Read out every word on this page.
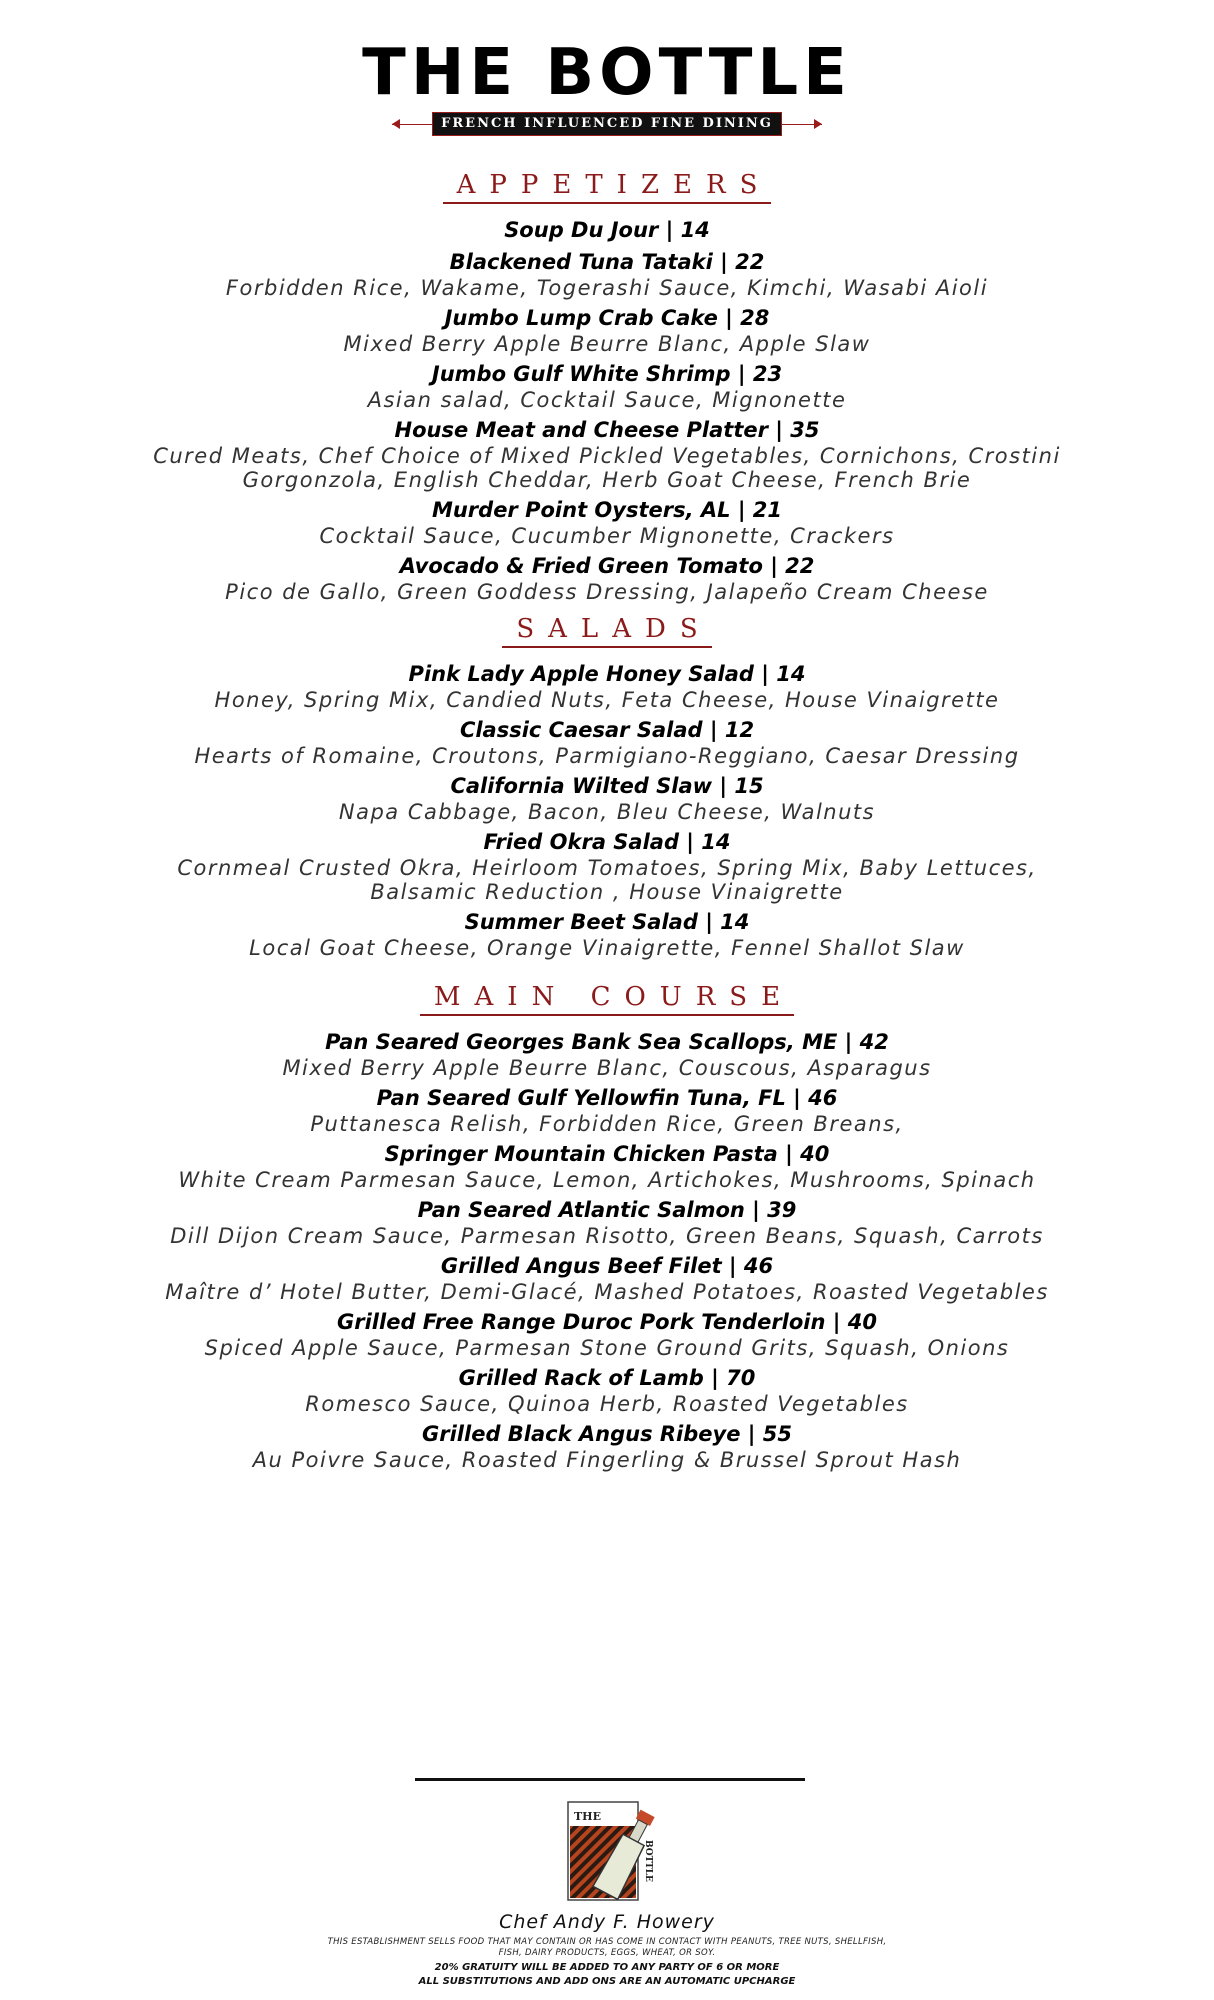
THE BOTTLE
FRENCH INFLUENCED FINE DINING
APPETIZERS
Soup Du Jour | 14
Blackened Tuna Tataki | 22
Forbidden Rice, Wakame, Togerashi Sauce, Kimchi, Wasabi Aioli
Jumbo Lump Crab Cake | 28
Mixed Berry Apple Beurre Blanc, Apple Slaw
Jumbo Gulf White Shrimp | 23
Asian salad, Cocktail Sauce, Mignonette
House Meat and Cheese Platter | 35
Cured Meats, Chef Choice of Mixed Pickled Vegetables, Cornichons, Crostini
Gorgonzola, English Cheddar, Herb Goat Cheese, French Brie
Murder Point Oysters, AL | 21
Cocktail Sauce, Cucumber Mignonette, Crackers
Avocado & Fried Green Tomato | 22
Pico de Gallo, Green Goddess Dressing, Jalapeño Cream Cheese
SALADS
Pink Lady Apple Honey Salad | 14
Honey, Spring Mix, Candied Nuts, Feta Cheese, House Vinaigrette
Classic Caesar Salad | 12
Hearts of Romaine, Croutons, Parmigiano-Reggiano, Caesar Dressing
California Wilted Slaw | 15
Napa Cabbage, Bacon, Bleu Cheese, Walnuts
Fried Okra Salad | 14
Cornmeal Crusted Okra, Heirloom Tomatoes, Spring Mix, Baby Lettuces,
Balsamic Reduction , House Vinaigrette
Summer Beet Salad | 14
Local Goat Cheese, Orange Vinaigrette, Fennel Shallot Slaw
MAIN COURSE
Pan Seared Georges Bank Sea Scallops, ME | 42
Mixed Berry Apple Beurre Blanc, Couscous, Asparagus
Pan Seared Gulf Yellowfin Tuna, FL | 46
Puttanesca Relish, Forbidden Rice, Green Breans,
Springer Mountain Chicken Pasta | 40
White Cream Parmesan Sauce, Lemon, Artichokes, Mushrooms, Spinach
Pan Seared Atlantic Salmon | 39
Dill Dijon Cream Sauce, Parmesan Risotto, Green Beans, Squash, Carrots
Grilled Angus Beef Filet | 46
Maître d’ Hotel Butter, Demi-Glacé, Mashed Potatoes, Roasted Vegetables
Grilled Free Range Duroc Pork Tenderloin | 40
Spiced Apple Sauce, Parmesan Stone Ground Grits, Squash, Onions
Grilled Rack of Lamb | 70
Romesco Sauce, Quinoa Herb, Roasted Vegetables
Grilled Black Angus Ribeye | 55
Au Poivre Sauce, Roasted Fingerling & Brussel Sprout Hash
THE
BOTTLE
Chef Andy F. Howery
THIS ESTABLISHMENT SELLS FOOD THAT MAY CONTAIN OR HAS COME IN CONTACT WITH PEANUTS, TREE NUTS, SHELLFISH,
FISH, DAIRY PRODUCTS, EGGS, WHEAT, OR SOY.
20% GRATUITY WILL BE ADDED TO ANY PARTY OF 6 OR MORE
ALL SUBSTITUTIONS AND ADD ONS ARE AN AUTOMATIC UPCHARGE
